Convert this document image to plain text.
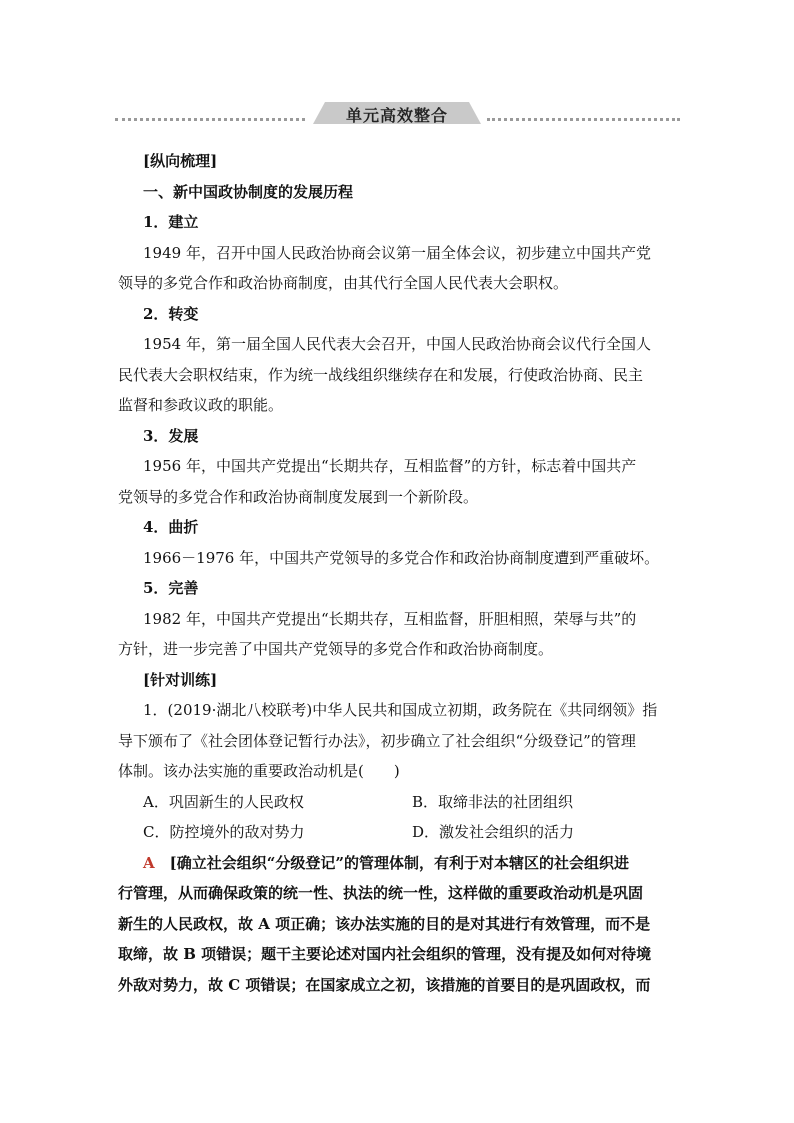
单元高效整合
[纵向梳理]
一、新中国政协制度的发展历程
1．建立
1949 年，召开中国人民政治协商会议第一届全体会议，初步建立中国共产党
领导的多党合作和政治协商制度，由其代行全国人民代表大会职权。
2．转变
1954 年，第一届全国人民代表大会召开，中国人民政治协商会议代行全国人
民代表大会职权结束，作为统一战线组织继续存在和发展，行使政治协商、民主
监督和参政议政的职能。
3．发展
1956 年，中国共产党提出“长期共存，互相监督”的方针，标志着中国共产
党领导的多党合作和政治协商制度发展到一个新阶段。
4．曲折
1966－1976 年，中国共产党领导的多党合作和政治协商制度遭到严重破坏。
5．完善
1982 年，中国共产党提出“长期共存，互相监督，肝胆相照，荣辱与共”的
方针，进一步完善了中国共产党领导的多党合作和政治协商制度。
[针对训练]
1．(2019·湖北八校联考)中华人民共和国成立初期，政务院在《共同纲领》指
导下颁布了《社会团体登记暂行办法》，初步确立了社会组织“分级登记”的管理
体制。该办法实施的重要政治动机是(　　)
A．巩固新生的人民政权	B．取缔非法的社团组织
C．防控境外的敌对势力	D．激发社会组织的活力
A　 [确立社会组织“分级登记”的管理体制，有利于对本辖区的社会组织进
行管理，从而确保政策的统一性、执法的统一性，这样做的重要政治动机是巩固
新生的人民政权，故 A 项正确；该办法实施的目的是对其进行有效管理，而不是
取缔，故 B 项错误；题干主要论述对国内社会组织的管理，没有提及如何对待境
外敌对势力，故 C 项错误；在国家成立之初，该措施的首要目的是巩固政权，而
